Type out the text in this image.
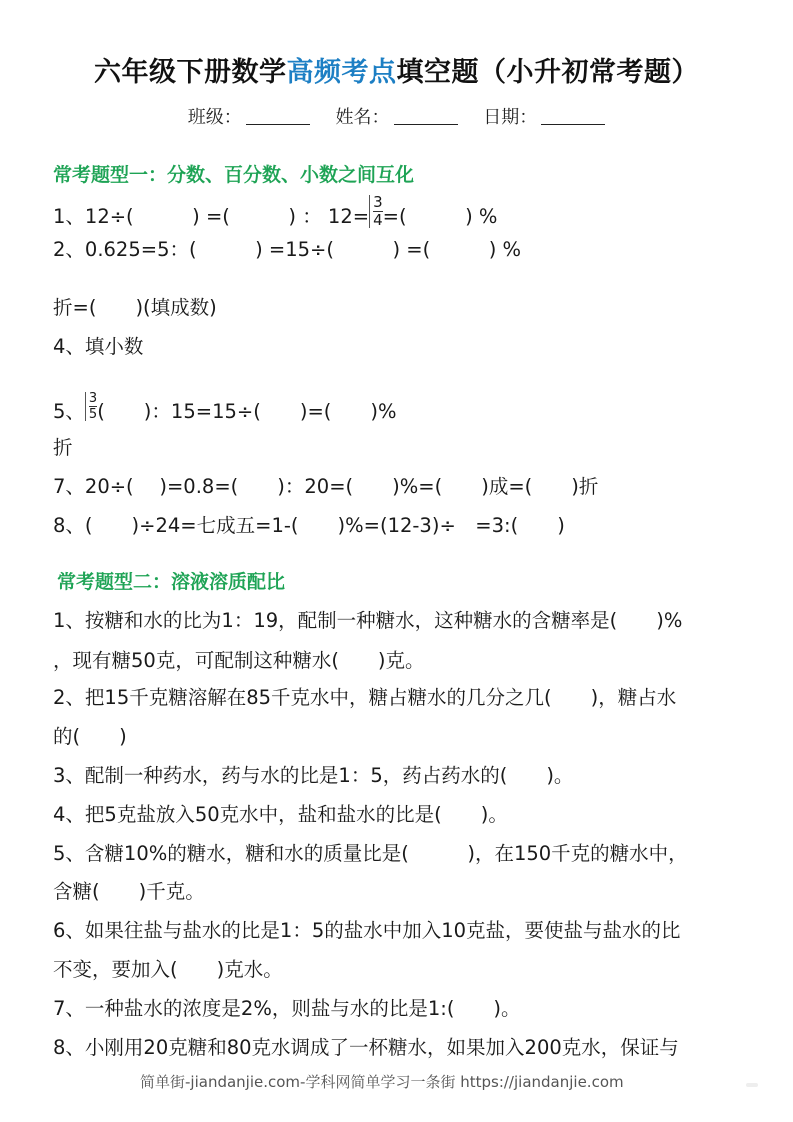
六年级下册数学高频考点填空题（小升初常考题）
班级：	姓名：	日期：
常考题型一：分数、百分数、小数之间互化
1、12÷(　　　) =(　　　) ： $12= \frac{3}{4}$ =(　　　) %
2、0.625=5：(　　　) =15÷(　　　) =(　　　) %
折=(　　)(填成数)
4、填小数
5、 $\frac{3}{5}$ (　　)：15=15÷(　　)=(　　)%
折
7、20÷(　 )=0.8=(　　)：20=(　　)%=(　　)成=(　　)折
8、(　　)÷24=七成五=1-(　　)%=(12-3)÷　=3:(　　)
常考题型二：溶液溶质配比
1、按糖和水的比为1：19，配制一种糖水，这种糖水的含糖率是(　　)%
，现有糖50克，可配制这种糖水(　　)克。
2、把15千克糖溶解在85千克水中，糖占糖水的几分之几(　　)，糖占水
的(　　)
3、配制一种药水，药与水的比是1：5，药占药水的(　　)。
4、把5克盐放入50克水中，盐和盐水的比是(　　)。
5、含糖10%的糖水，糖和水的质量比是(　　　)，在150千克的糖水中，
含糖(　　)千克。
6、如果往盐与盐水的比是1：5的盐水中加入10克盐，要使盐与盐水的比
不变，要加入(　　)克水。
7、一种盐水的浓度是2%，则盐与水的比是1:(　　)。
8、小刚用20克糖和80克水调成了一杯糖水，如果加入200克水，保证与
简单街-jiandanjie.com-学科网简单学习一条街 https://jiandanjie.com
